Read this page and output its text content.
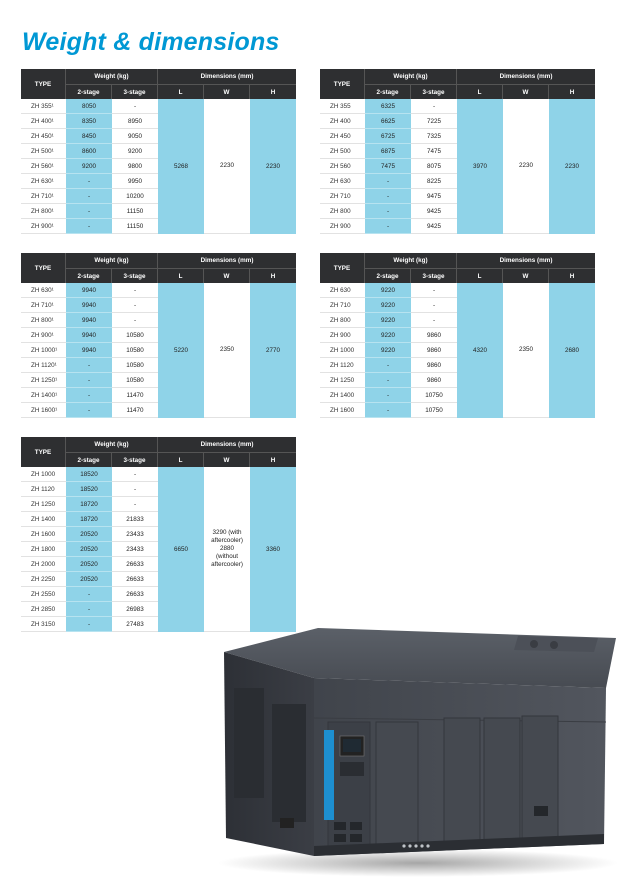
Weight & dimensions
TYPE
Weight (kg)	Dimensions (mm)
2-stage	3-stage	L	W	H
ZH 355¹	8050	-
ZH 400¹	8350	8950
ZH 450¹	8450	9050
ZH 500¹	8600	9200
ZH 560¹	9200	9800
ZH 630¹	-	9950
ZH 710¹	-	10200
ZH 800¹	-	11150
ZH 900¹	-	11150
5268	2230	2230
TYPE
Weight (kg)	Dimensions (mm)
2-stage	3-stage	L	W	H
ZH 355	6325	-
ZH 400	6625	7225
ZH 450	6725	7325
ZH 500	6875	7475
ZH 560	7475	8075
ZH 630	-	8225
ZH 710	-	9475
ZH 800	-	9425
ZH 900	-	9425
3970	2230	2230
TYPE
Weight (kg)	Dimensions (mm)
2-stage	3-stage	L	W	H
ZH 630¹	9940	-
ZH 710¹	9940	-
ZH 800¹	9940	-
ZH 900¹	9940	10580
ZH 1000¹	9940	10580
ZH 1120¹	-	10580
ZH 1250¹	-	10580
ZH 1400¹	-	11470
ZH 1600¹	-	11470
5220	2350	2770
TYPE
Weight (kg)	Dimensions (mm)
2-stage	3-stage	L	W	H
ZH 630	9220	-
ZH 710	9220	-
ZH 800	9220	-
ZH 900	9220	9860
ZH 1000	9220	9860
ZH 1120	-	9860
ZH 1250	-	9860
ZH 1400	-	10750
ZH 1600	-	10750
4320	2350	2680
TYPE
Weight (kg)	Dimensions (mm)
2-stage	3-stage	L	W	H
ZH 1000	18520	-
ZH 1120	18520	-
ZH 1250	18720	-
ZH 1400	18720	21833
ZH 1600	20520	23433
ZH 1800	20520	23433
ZH 2000	20520	26633
ZH 2250	20520	26633
ZH 2550	-	26633
ZH 2850	-	26983
ZH 3150	-	27483
6650
3290 (with
aftercooler)
2880
(without
aftercooler)
3360
